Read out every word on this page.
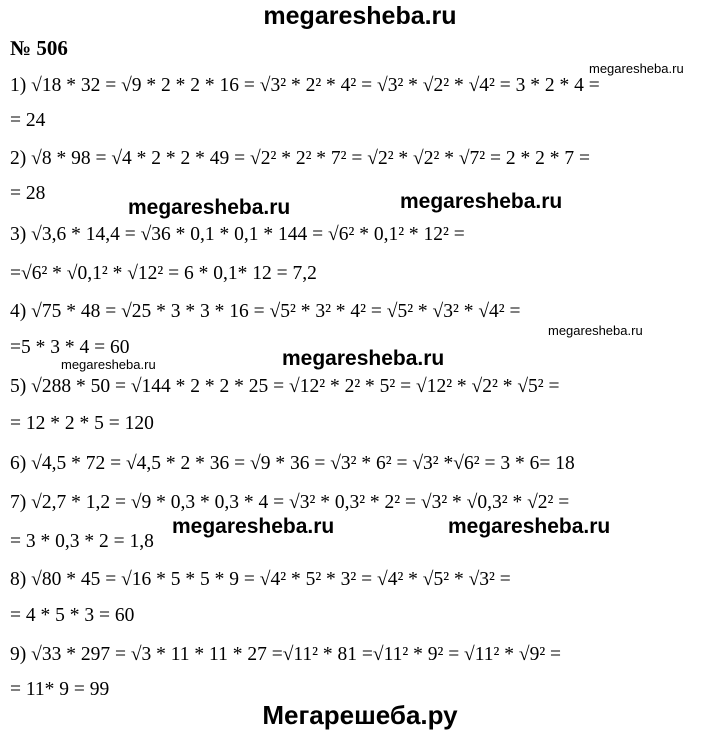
megaresheba.ru
№ 506
1) √18 * 32 = √9 * 2 * 2 * 16 = √3² * 2² * 4² = √3² * √2² * √4² = 3 * 2 * 4 =
= 24
2) √8 * 98 = √4 * 2 * 2 * 49 = √2² * 2² * 7² = √2² * √2² * √7² = 2 * 2 * 7 =
= 28
3) √3,6 * 14,4 = √36 * 0,1 * 0,1 * 144 = √6² * 0,1² * 12² =
=√6² * √0,1² * √12² = 6 * 0,1* 12 = 7,2
4) √75 * 48 = √25 * 3 * 3 * 16 = √5² * 3² * 4² = √5² * √3² * √4² =
=5 * 3 * 4 = 60
5) √288 * 50 = √144 * 2 * 2 * 25 = √12² * 2² * 5² = √12² * √2² * √5² =
= 12 * 2 * 5 = 120
6) √4,5 * 72 = √4,5 * 2 * 36 = √9 * 36 = √3² * 6² = √3² *√6² = 3 * 6= 18
7) √2,7 * 1,2 = √9 * 0,3 * 0,3 * 4 = √3² * 0,3² * 2² = √3² * √0,3² * √2² =
= 3 * 0,3 * 2 = 1,8
8) √80 * 45 = √16 * 5 * 5 * 9 = √4² * 5² * 3² = √4² * √5² * √3² =
= 4 * 5 * 3 = 60
9) √33 * 297 = √3 * 11 * 11 * 27 =√11² * 81 =√11² * 9² = √11² * √9² =
= 11* 9 = 99
megaresheba.ru	megaresheba.ru
megaresheba.ru
megaresheba.ru	megaresheba.ru
megaresheba.ru
megaresheba.ru
megaresheba.ru
Мегарешеба.ру
